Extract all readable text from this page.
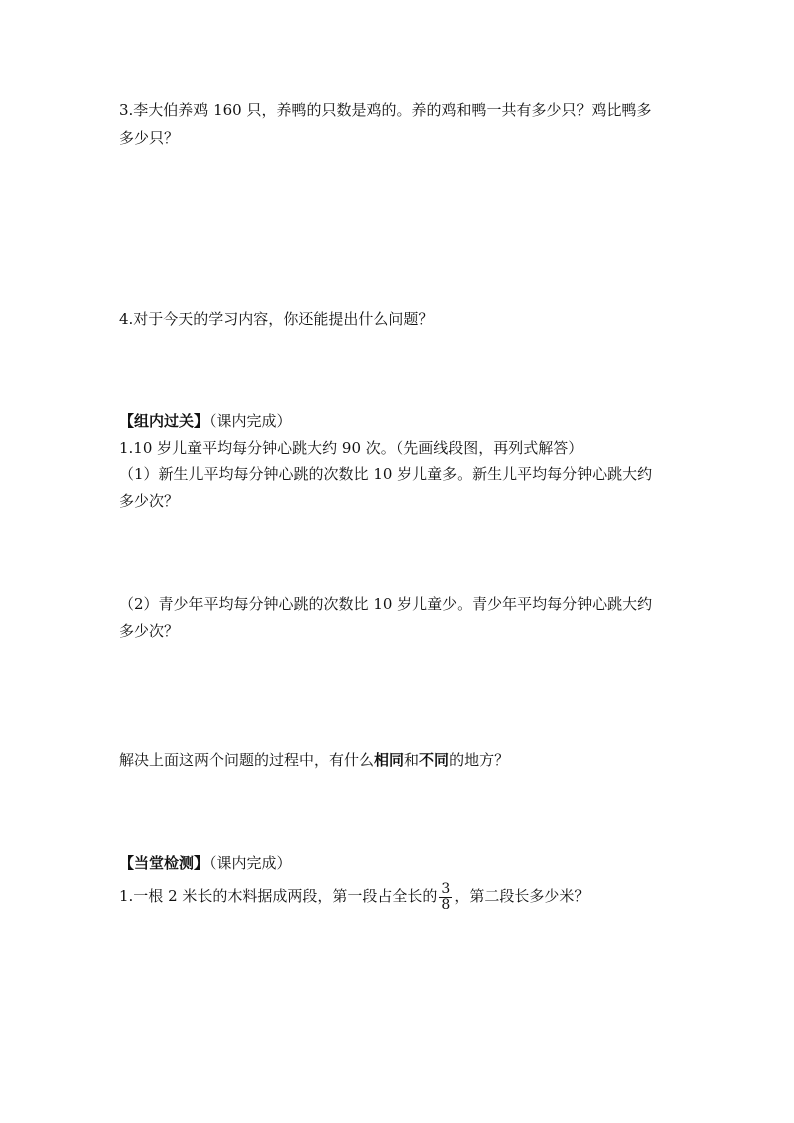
3.李大伯养鸡 160 只，养鸭的只数是鸡的。养的鸡和鸭一共有多少只？鸡比鸭多
多少只？
4.对于今天的学习内容，你还能提出什么问题？
【组内过关】（课内完成）
1.10 岁儿童平均每分钟心跳大约 90 次。（先画线段图，再列式解答）
（1）新生儿平均每分钟心跳的次数比 10 岁儿童多。新生儿平均每分钟心跳大约
多少次？
（2）青少年平均每分钟心跳的次数比 10 岁儿童少。青少年平均每分钟心跳大约
多少次？
解决上面这两个问题的过程中，有什么相同和不同的地方？
【当堂检测】（课内完成）
1.一根 2 米长的木料据成两段，第一段占全长的 $\frac{3}{8}$ ，第二段长多少米？
